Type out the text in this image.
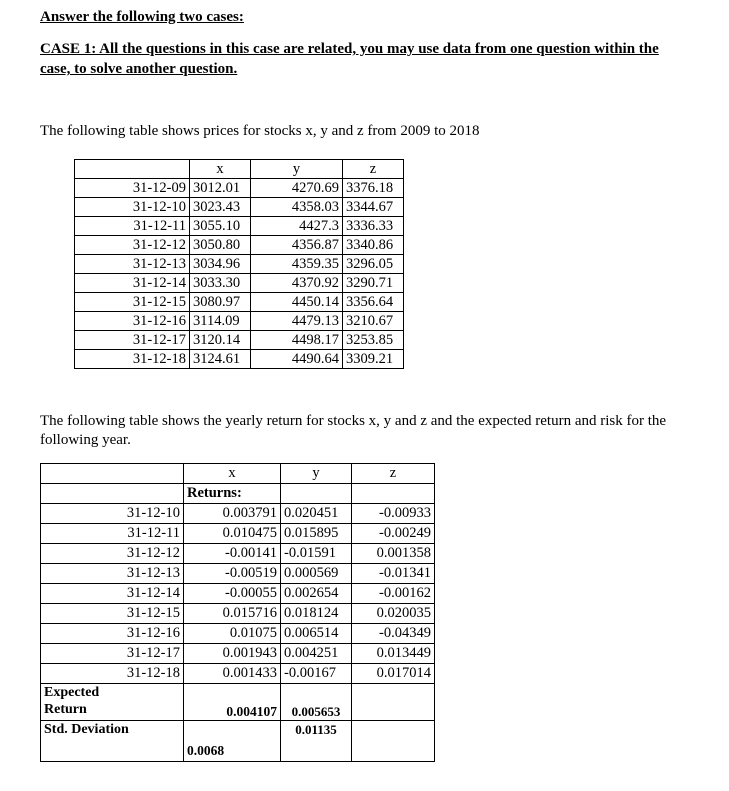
Answer the following two cases:

CASE 1: All the questions in this case are related, you may use data from one question within the case, to solve another question.

The following table shows prices for stocks x, y and z from 2009 to 2018

	x	y	z
31-12-09	3012.01	4270.69	3376.18
31-12-10	3023.43	4358.03	3344.67
31-12-11	3055.10	4427.3	3336.33
31-12-12	3050.80	4356.87	3340.86
31-12-13	3034.96	4359.35	3296.05
31-12-14	3033.30	4370.92	3290.71
31-12-15	3080.97	4450.14	3356.64
31-12-16	3114.09	4479.13	3210.67
31-12-17	3120.14	4498.17	3253.85
31-12-18	3124.61	4490.64	3309.21

The following table shows the yearly return for stocks x, y and z and the expected return and risk for the following year.

	x	y	z
	Returns:		
31-12-10	0.003791	0.020451	-0.00933
31-12-11	0.010475	0.015895	-0.00249
31-12-12	-0.00141	-0.01591	0.001358
31-12-13	-0.00519	0.000569	-0.01341
31-12-14	-0.00055	0.002654	-0.00162
31-12-15	0.015716	0.018124	0.020035
31-12-16	0.01075	0.006514	-0.04349
31-12-17	0.001943	0.004251	0.013449
31-12-18	0.001433	-0.00167	0.017014

Expected
Return	0.004107	0.005653	
Std. Deviation	0.0068	0.01135	
